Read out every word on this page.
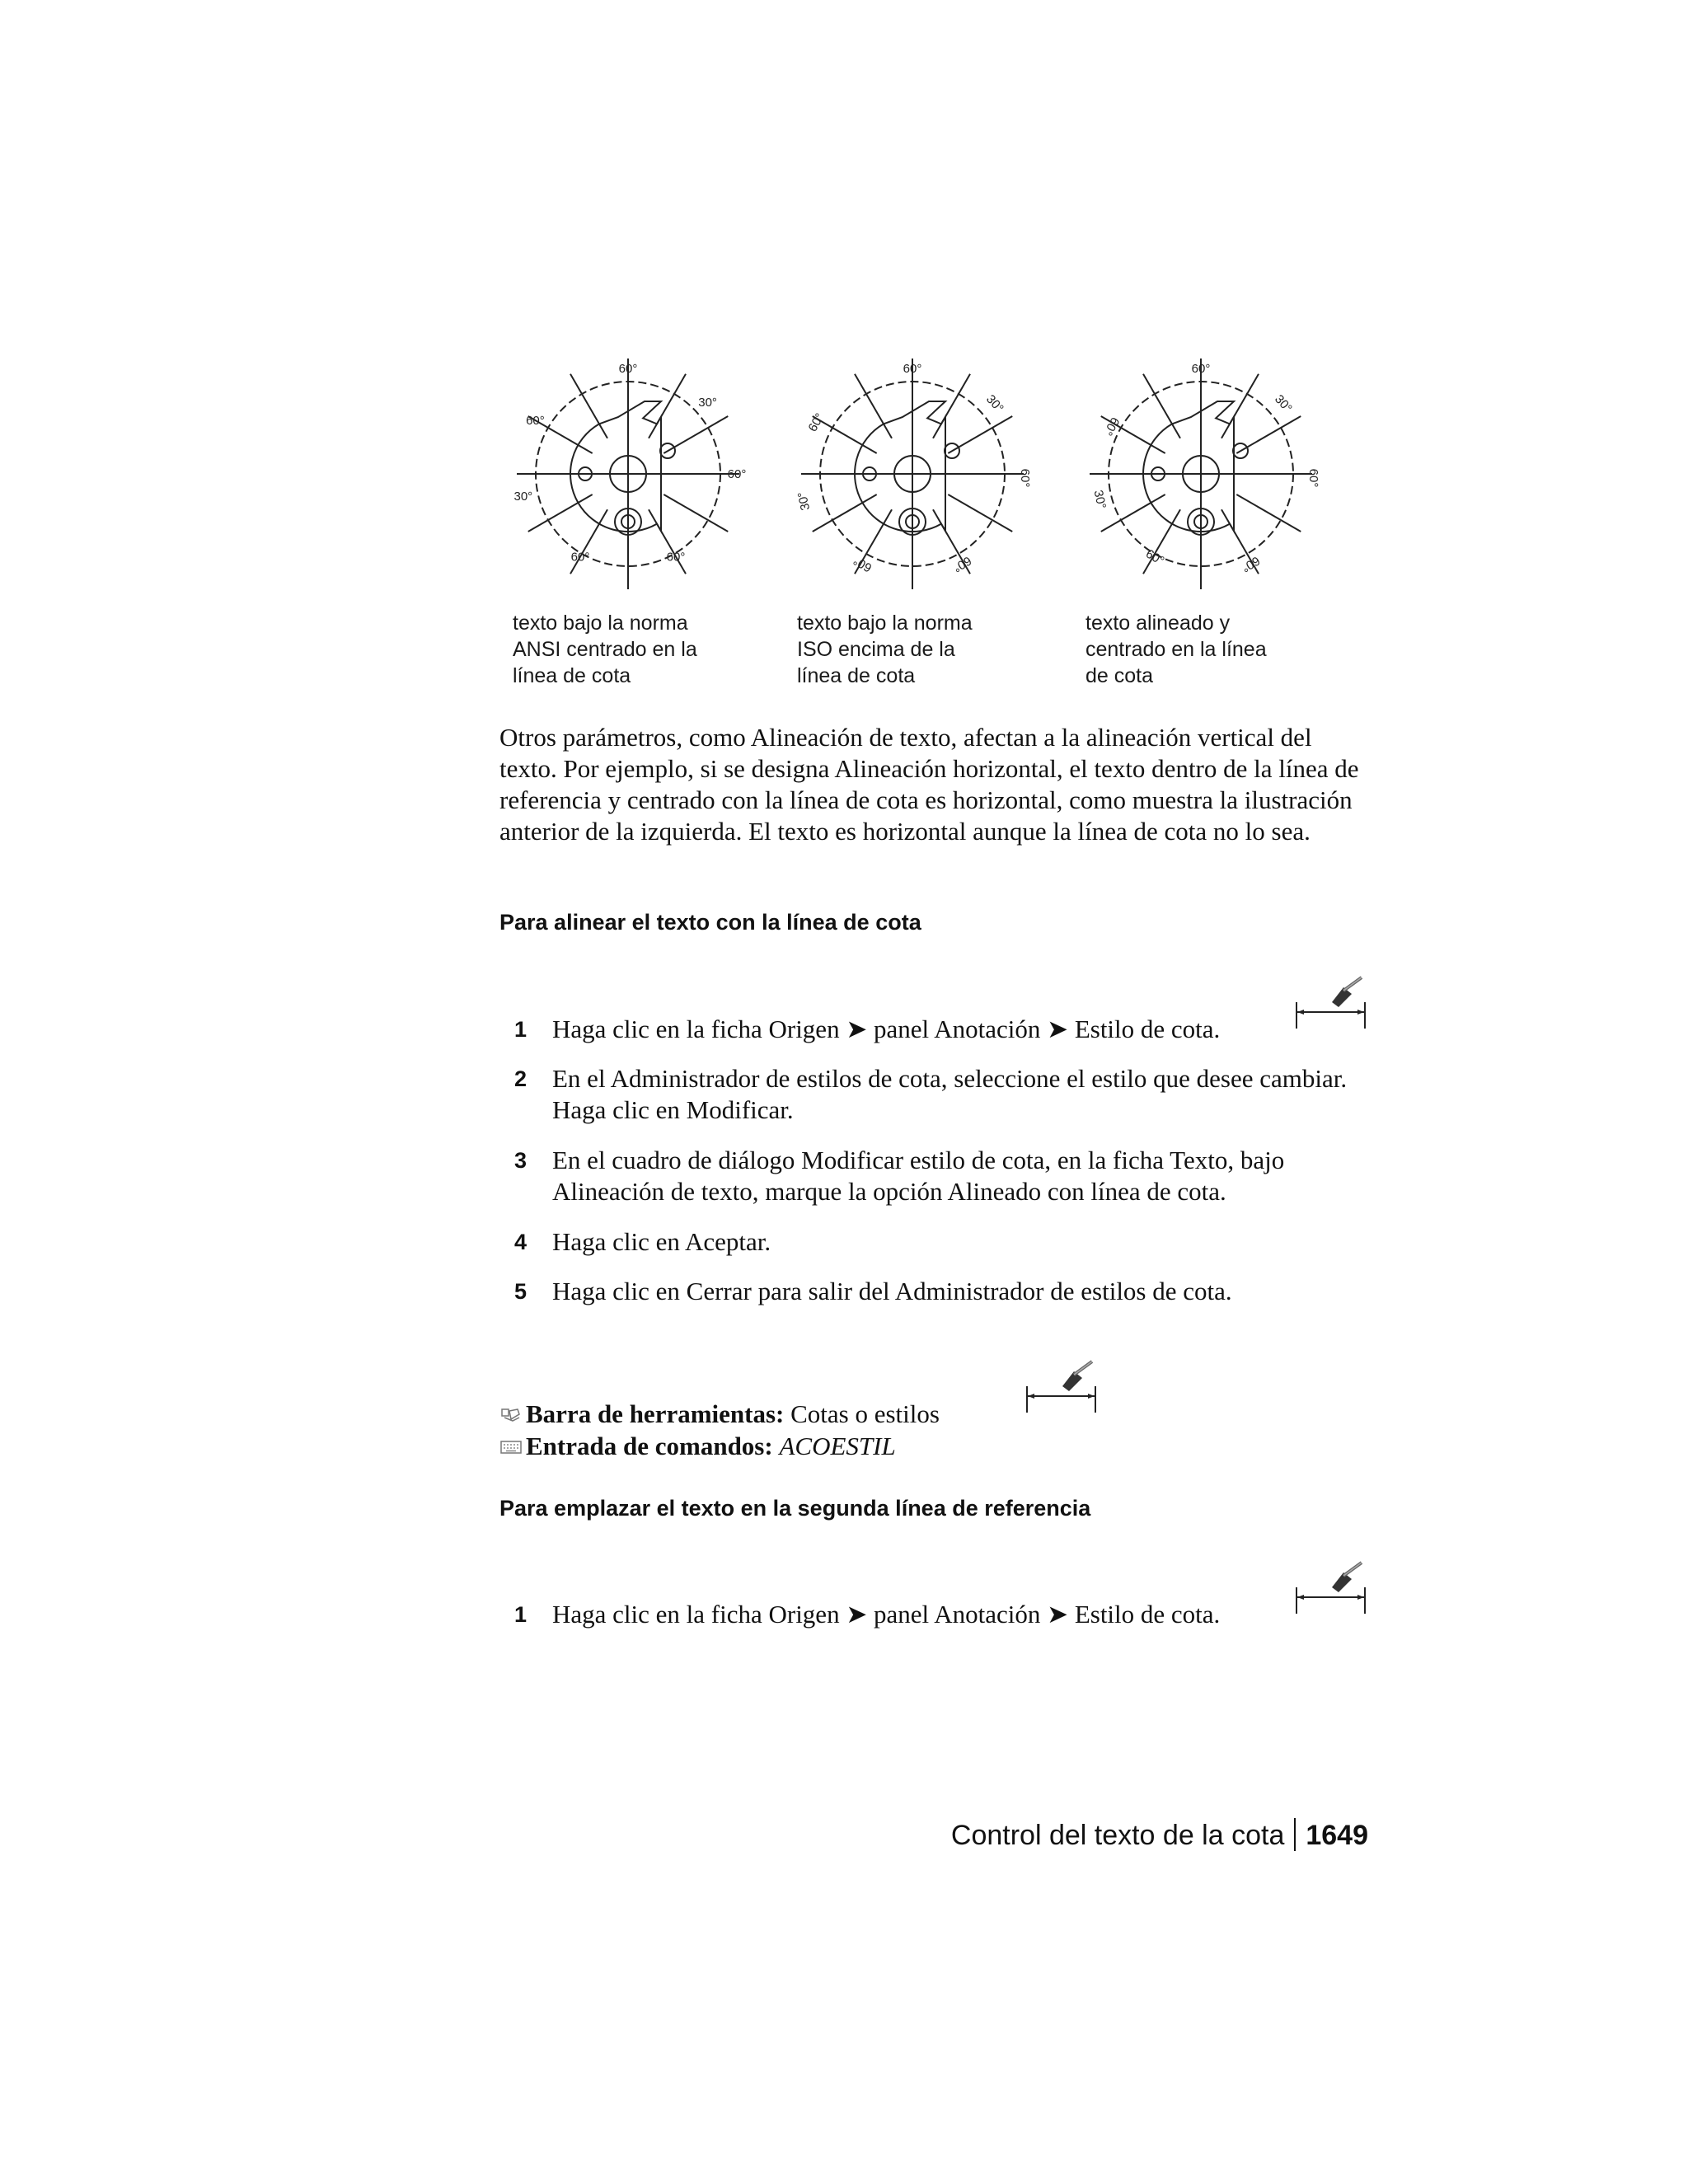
60°
30°
60°
60°
30°
60°	60°
texto bajo la norma
ANSI centrado en la
línea de cota
60°
30°
60°
60°
30°
60°	60°
texto bajo la norma
ISO encima de la
línea de cota
60°
30°
60°
60°
30°
60°	60°
texto alineado y
centrado en la línea
de cota

Otros parámetros, como Alineación de texto, afectan a la alineación vertical del texto. Por ejemplo, si se designa Alineación horizontal, el texto dentro de la línea de referencia y centrado con la línea de cota es horizontal, como muestra la ilustración anterior de la izquierda. El texto es horizontal aunque la línea de cota no lo sea.

Para alinear el texto con la línea de cota
1 Haga clic en la ficha Origen ➤ panel Anotación ➤ Estilo de cota.
2 En el Administrador de estilos de cota, seleccione el estilo que desee cambiar. Haga clic en Modificar.
3 En el cuadro de diálogo Modificar estilo de cota, en la ficha Texto, bajo Alineación de texto, marque la opción Alineado con línea de cota.
4 Haga clic en Aceptar.
5 Haga clic en Cerrar para salir del Administrador de estilos de cota.
Barra de herramientas: Cotas o estilos
Entrada de comandos: ACOESTIL
Para emplazar el texto en la segunda línea de referencia
1 Haga clic en la ficha Origen ➤ panel Anotación ➤ Estilo de cota.
Control del texto de la cota 1649
